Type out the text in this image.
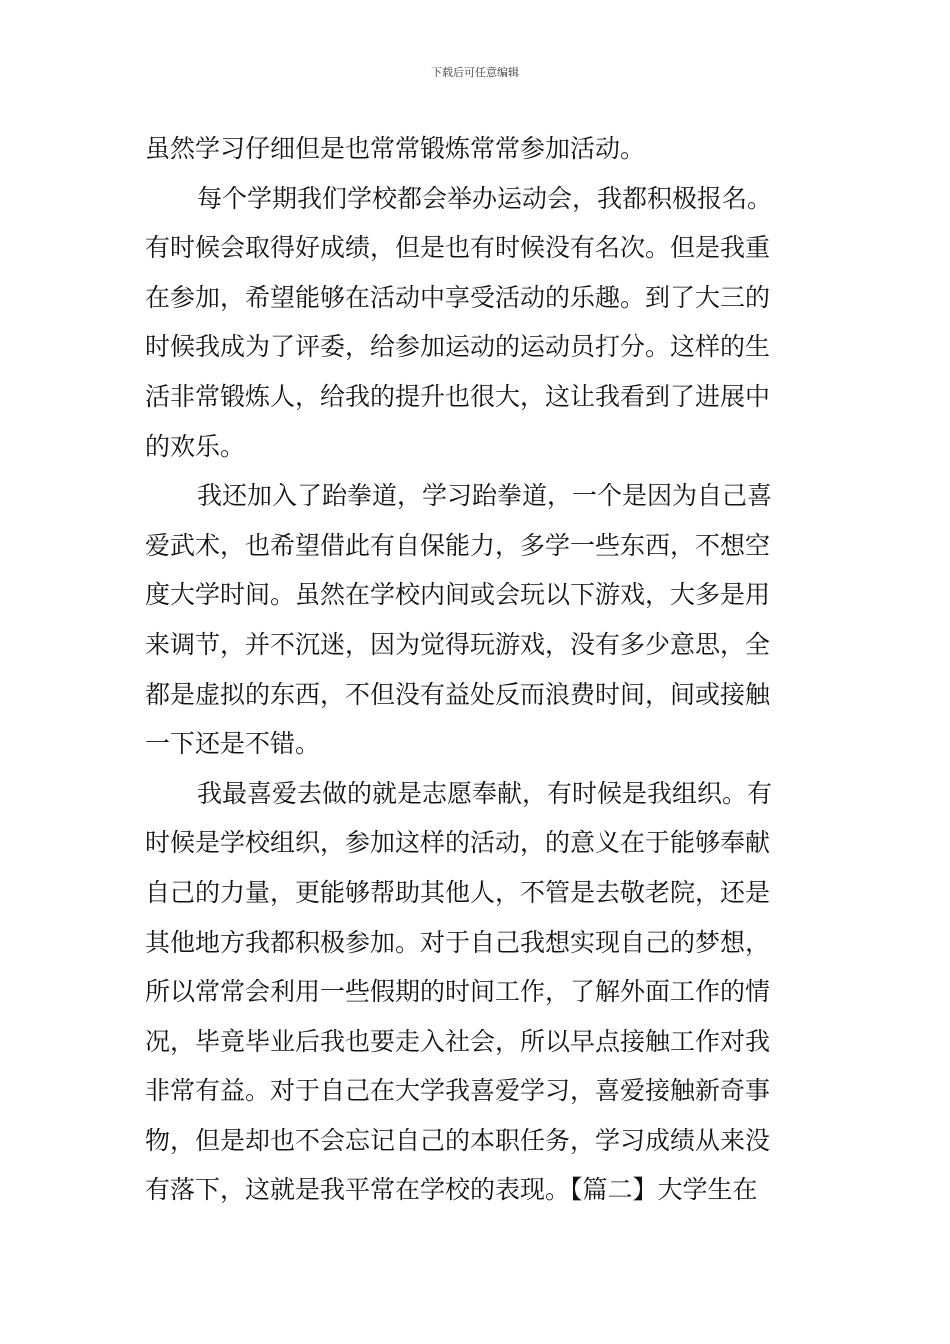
下载后可任意编辑
虽然学习仔细但是也常常锻炼常常参加活动。
每个学期我们学校都会举办运动会，我都积极报名。
有时候会取得好成绩，但是也有时候没有名次。但是我重
在参加，希望能够在活动中享受活动的乐趣。到了大三的
时候我成为了评委，给参加运动的运动员打分。这样的生
活非常锻炼人，给我的提升也很大，这让我看到了进展中
的欢乐。
我还加入了跆拳道，学习跆拳道，一个是因为自己喜
爱武术，也希望借此有自保能力，多学一些东西，不想空
度大学时间。虽然在学校内间或会玩以下游戏，大多是用
来调节，并不沉迷，因为觉得玩游戏，没有多少意思，全
都是虚拟的东西，不但没有益处反而浪费时间，间或接触
一下还是不错。
我最喜爱去做的就是志愿奉献，有时候是我组织。有
时候是学校组织，参加这样的活动，的意义在于能够奉献
自己的力量，更能够帮助其他人，不管是去敬老院，还是
其他地方我都积极参加。对于自己我想实现自己的梦想，
所以常常会利用一些假期的时间工作，了解外面工作的情
况，毕竟毕业后我也要走入社会，所以早点接触工作对我
非常有益。对于自己在大学我喜爱学习，喜爱接触新奇事
物，但是却也不会忘记自己的本职任务，学习成绩从来没
有落下，这就是我平常在学校的表现。【篇二】大学生在
